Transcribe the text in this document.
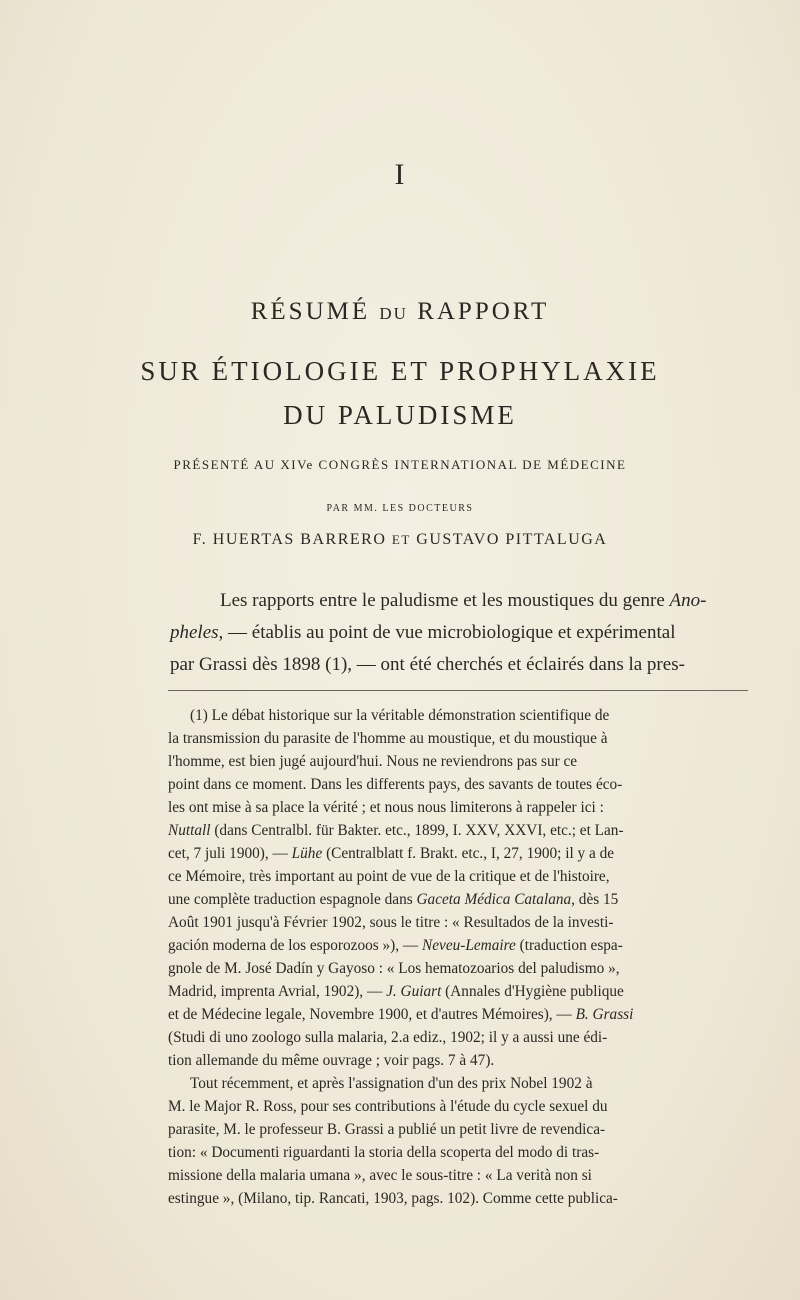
I
RÉSUMÉ DU RAPPORT
SUR ÉTIOLOGIE ET PROPHYLAXIE
DU PALUDISME
PRÉSENTÉ AU XIVe CONGRÈS INTERNATIONAL DE MÉDECINE
PAR MM. LES DOCTEURS
F. HUERTAS BARRERO ET GUSTAVO PITTALUGA
Les rapports entre le paludisme et les moustiques du genre Ano-
pheles, — établis au point de vue microbiologique et expérimental
par Grassi dès 1898 (1), — ont été cherchés et éclairés dans la pres-
(1) Le débat historique sur la véritable démonstration scientifique de
la transmission du parasite de l'homme au moustique, et du moustique à
l'homme, est bien jugé aujourd'hui. Nous ne reviendrons pas sur ce
point dans ce moment. Dans les differents pays, des savants de toutes éco-
les ont mise à sa place la vérité ; et nous nous limiterons à rappeler ici :
Nuttall (dans Centralbl. für Bakter. etc., 1899, I. XXV, XXVI, etc.; et Lan-
cet, 7 juli 1900), — Lühe (Centralblatt f. Brakt. etc., I, 27, 1900; il y a de
ce Mémoire, très important au point de vue de la critique et de l'histoire,
une complète traduction espagnole dans Gaceta Médica Catalana, dès 15
Août 1901 jusqu'à Février 1902, sous le titre : « Resultados de la investi-
gación moderna de los esporozoos »), — Neveu-Lemaire (traduction espa-
gnole de M. José Dadín y Gayoso : « Los hematozoarios del paludismo »,
Madrid, imprenta Avrial, 1902), — J. Guiart (Annales d'Hygiène publique
et de Médecine legale, Novembre 1900, et d'autres Mémoires), — B. Grassi
(Studi di uno zoologo sulla malaria, 2.a ediz., 1902; il y a aussi une édi-
tion allemande du même ouvrage ; voir pags. 7 à 47).
Tout récemment, et après l'assignation d'un des prix Nobel 1902 à
M. le Major R. Ross, pour ses contributions à l'étude du cycle sexuel du
parasite, M. le professeur B. Grassi a publié un petit livre de revendica-
tion: « Documenti riguardanti la storia della scoperta del modo di tras-
missione della malaria umana », avec le sous-titre : « La verità non si
estingue », (Milano, tip. Rancati, 1903, pags. 102). Comme cette publica-
